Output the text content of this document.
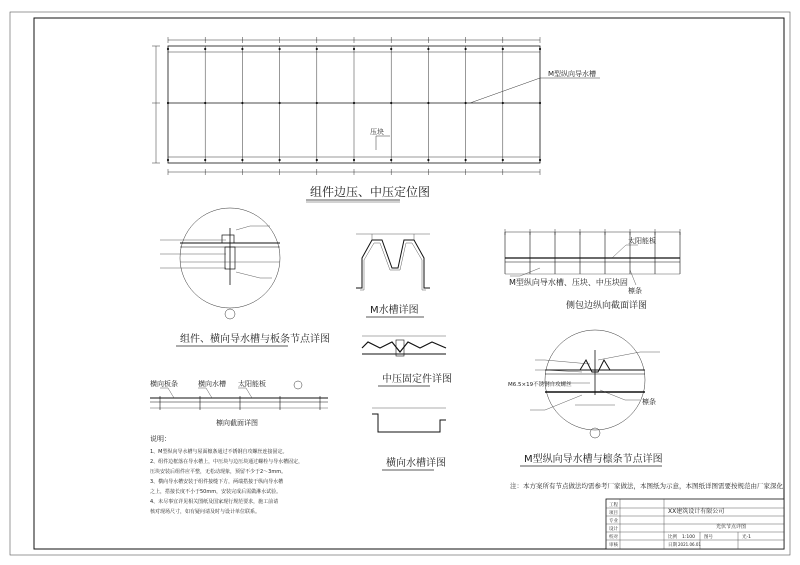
M型纵向导水槽
压块
组件边压、中压定位图
组件、横向导水槽与板条节点详图
M水槽详图
中压固定件详图
横向水槽详图
太阳能板
M型纵向导水槽、压块、中压块固
檩条
侧包边纵向截面详图
M6.5×19不锈钢自攻螺丝
檩条
M型纵向导水槽与檩条节点详图
横向板条	横向水槽 太阳能板
檩向截面详图
说明：
1、M型纵向导水槽与屋面檩条通过不锈钢自攻螺丝连接固定。
2、组件边框落在导水槽上，中压块与边压块通过螺栓与导水槽固定，
压块安装后组件应平整，无松动现象，预留不少于2～3mm。
3、横向导水槽安装于组件接缝下方，两端搭接于纵向导水槽
之上，搭接长度不小于50mm，安装完成后需做淋水试验。
4、未尽事宜详见相关图纸及国家现行规范要求，施工前请
核对现场尺寸，如有疑问请及时与设计单位联系。
注：本方案所有节点做法均需参考厂家做法，本图纸为示意，本图纸详图需要按规范由厂家深化
工程
项目
专业
设计
校对
审核
XX建筑设计有限公司
光伏节点详图
比例 1:100
日期 2021.06.01
图号	光-1
